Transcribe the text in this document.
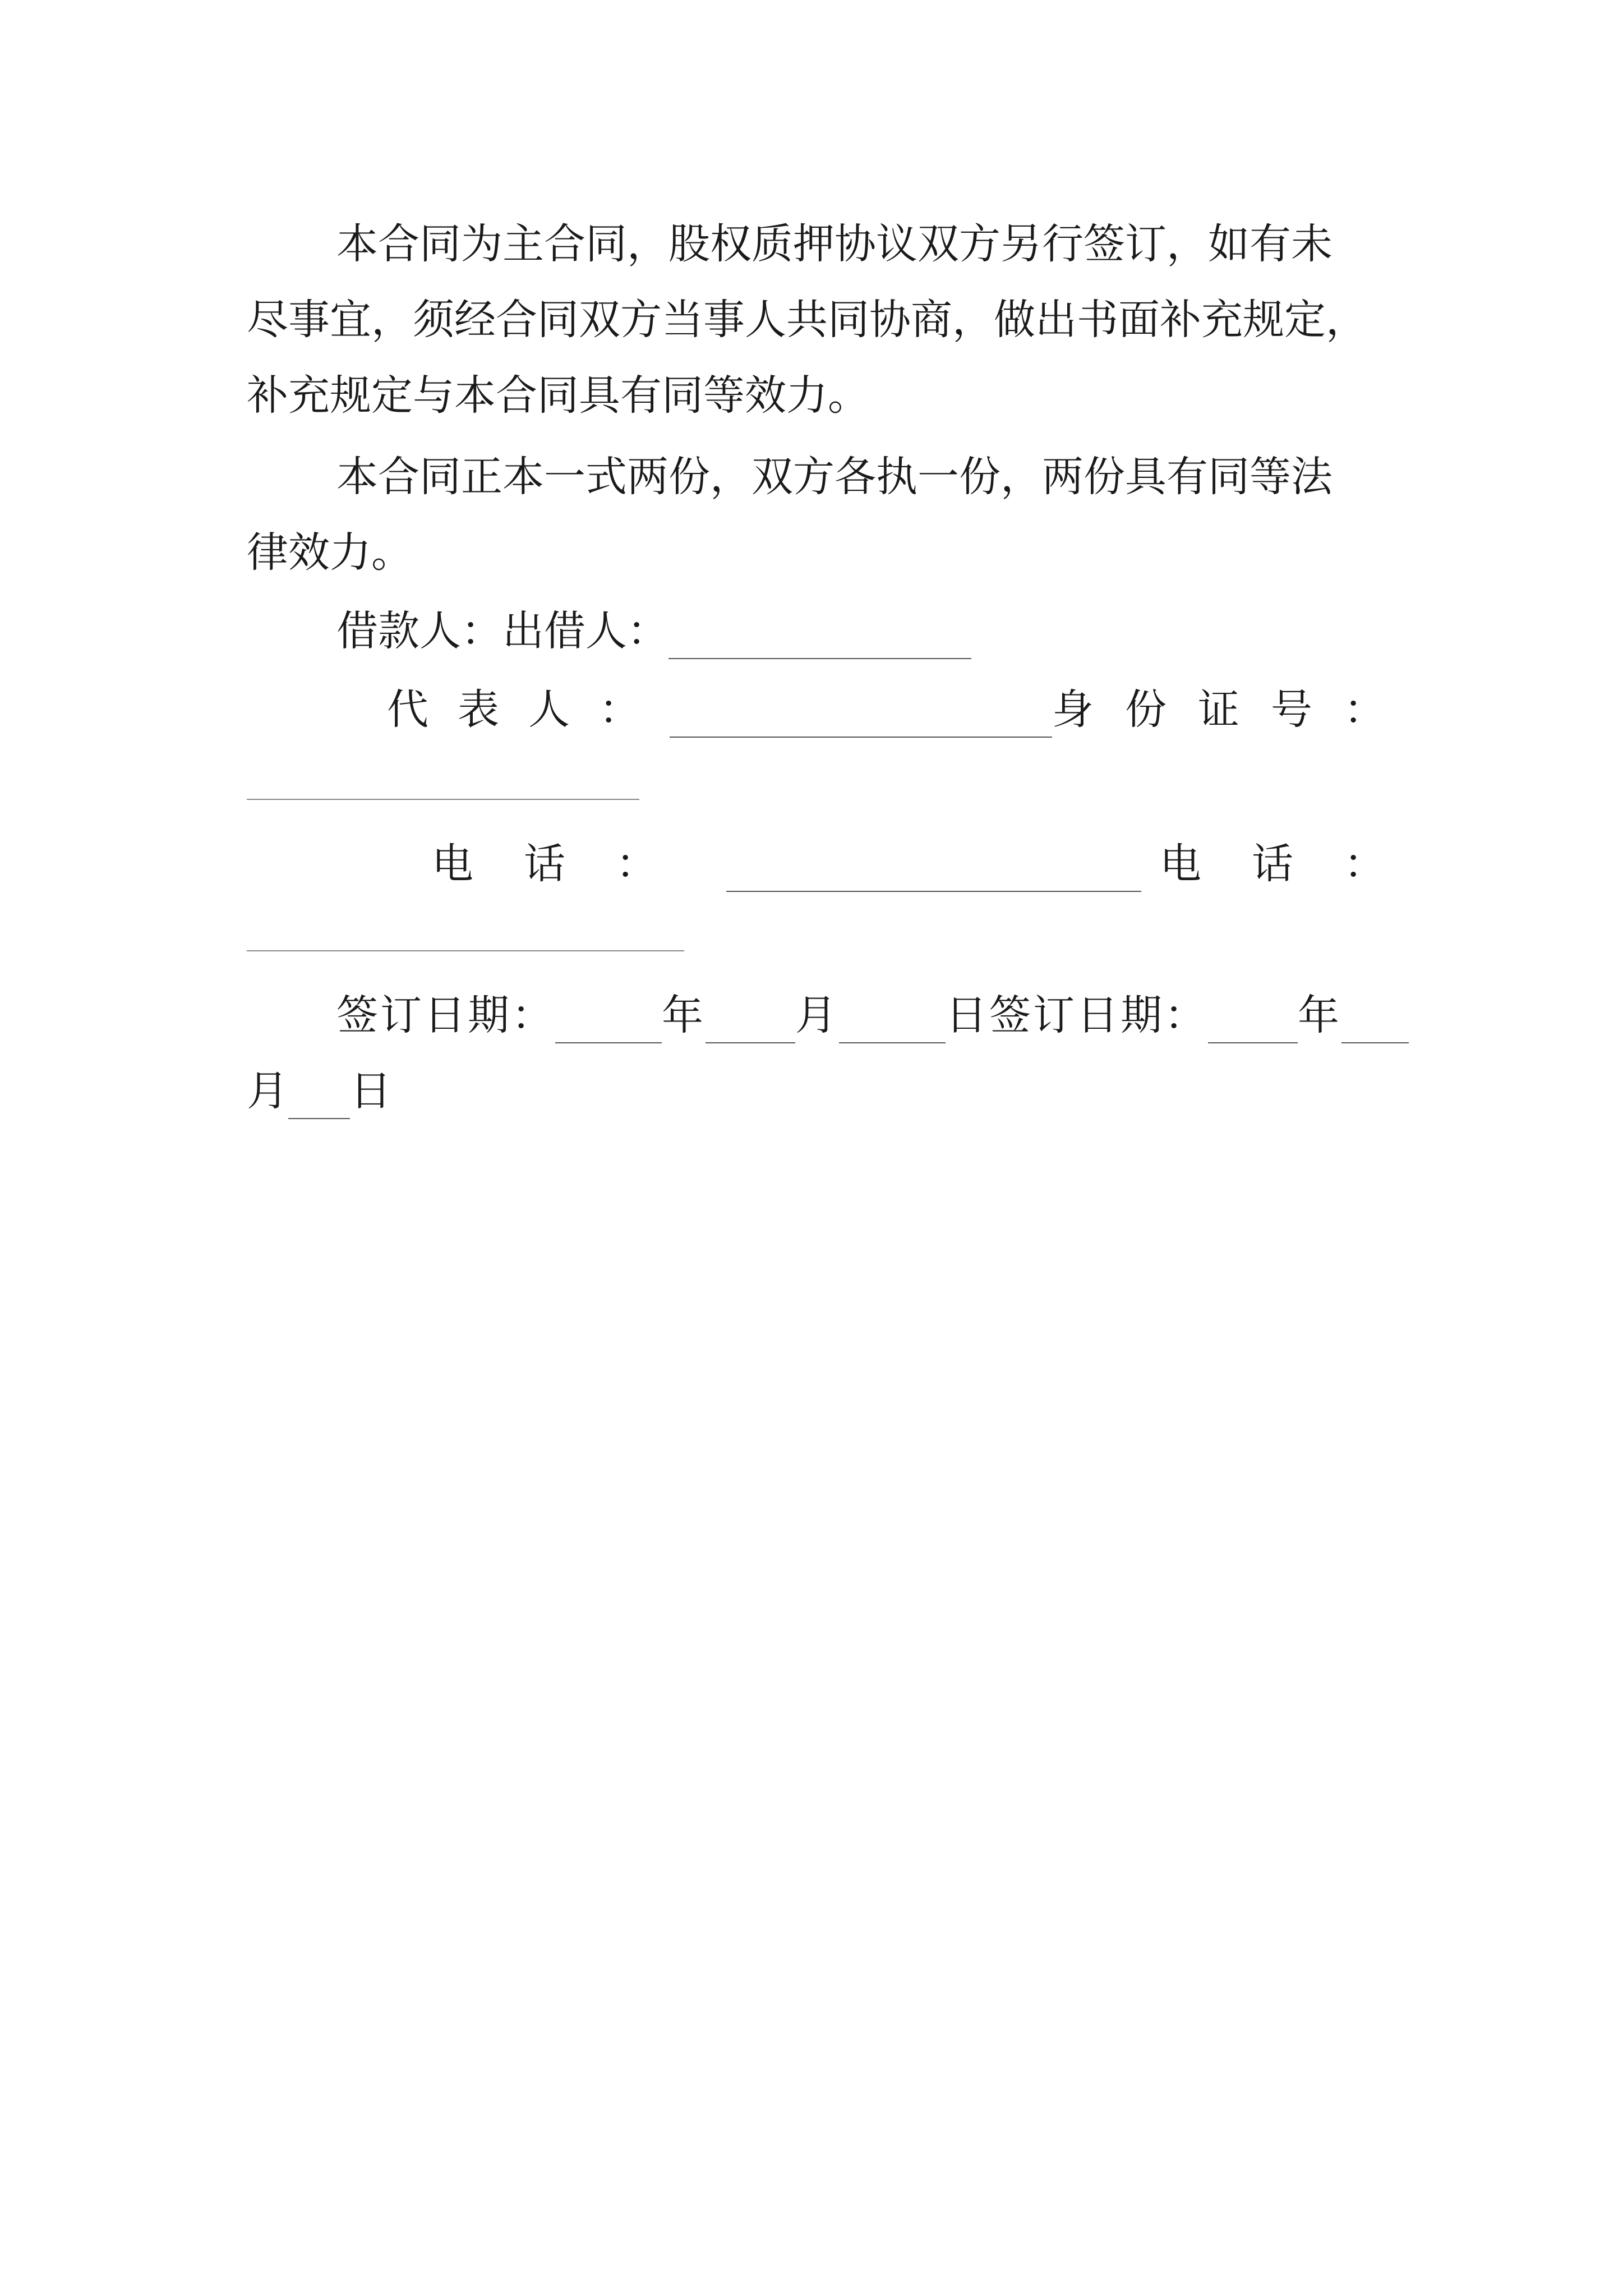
本合同为主合同，股权质押协议双方另行签订，如有未
尽事宜，须经合同双方当事人共同协商，做出书面补充规定，
补充规定与本合同具有同等效力。
本合同正本一式两份，双方各执一份，两份具有同等法
律效力。
借款人：出借人：
代表人：	身份证号：
电话：	电话：
签订日期：	年 月	日签订日期： 年
月 日
